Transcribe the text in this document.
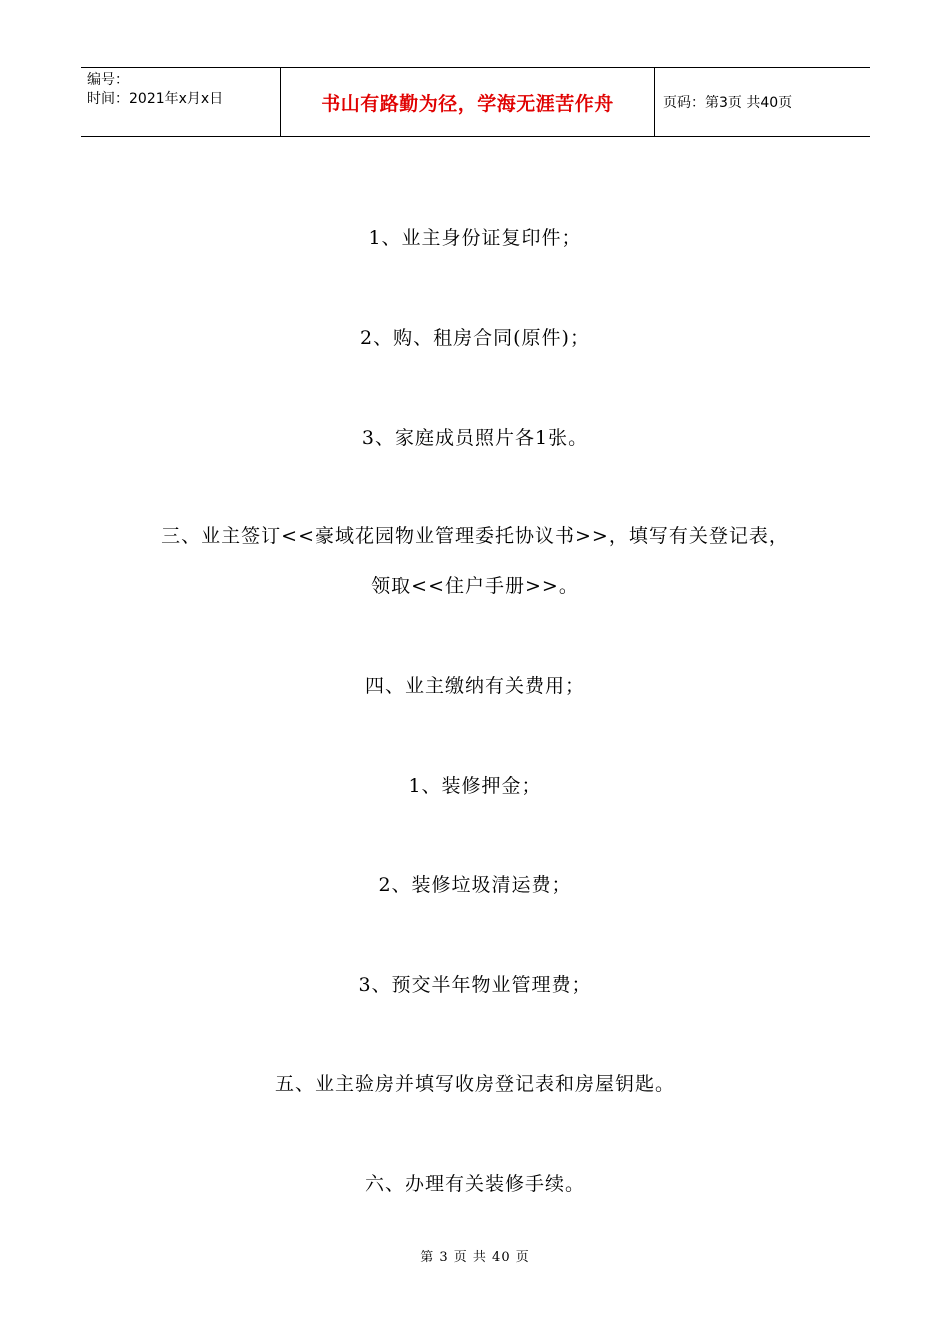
编号：
时间：2021年x月x日	书山有路勤为径，学海无涯苦作舟	页码：第3页 共40页
1、业主身份证复印件；
2、购、租房合同(原件)；
3、家庭成员照片各1张。
三、业主签订<<豪域花园物业管理委托协议书>>，填写有关登记表，
领取<<住户手册>>。
四、业主缴纳有关费用；
1、装修押金；
2、装修垃圾清运费；
3、预交半年物业管理费；
五、业主验房并填写收房登记表和房屋钥匙。
六、办理有关装修手续。
第 3 页 共 40 页
